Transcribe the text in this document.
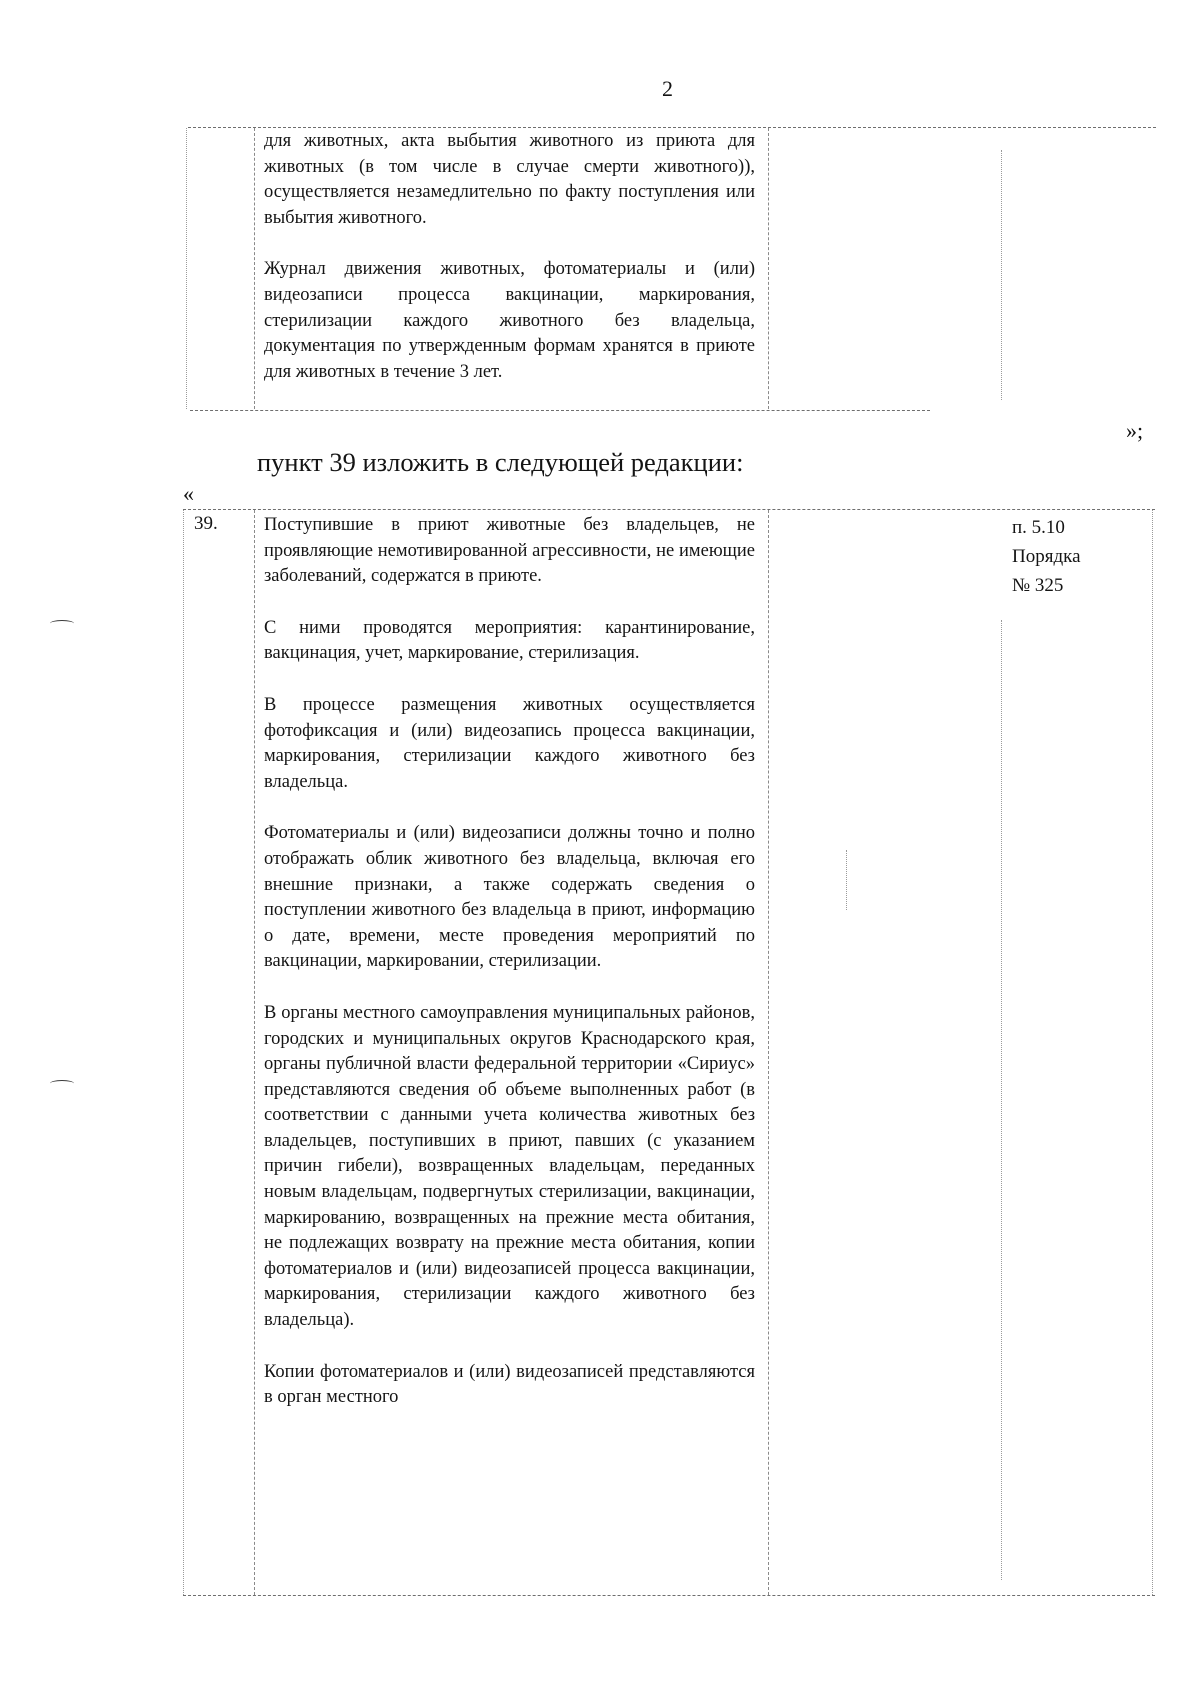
2

для животных, акта выбытия животного из приюта для животных (в том числе в случае смерти животного)), осуществляется незамедлительно по факту поступления или выбытия животного.

Журнал движения животных, фотоматериалы и (или) видеозаписи процесса вакцинации, маркирования, стерилизации каждого животного без владельца, документация по утвержденным формам хранятся в приюте для животных в течение 3 лет.

»;
пункт 39 изложить в следующей редакции:
«
39.	Поступившие в приют животные без владельцев, не проявляющие немотивированной агрессивности, не имеющие заболеваний, содержатся в приюте.

С ними проводятся мероприятия: карантинирование, вакцинация, учет, маркирование, стерилизация.

В процессе размещения животных осуществляется фотофиксация и (или) видеозапись процесса вакцинации, маркирования, стерилизации каждого животного без владельца.

Фотоматериалы и (или) видеозаписи должны точно и полно отображать облик животного без владельца, включая его внешние признаки, а также содержать сведения о поступлении животного без владельца в приют, информацию о дате, времени, месте проведения мероприятий по вакцинации, маркировании, стерилизации.

В органы местного самоуправления муниципальных районов, городских и муниципальных округов Краснодарского края, органы публичной власти федеральной территории «Сириус» представляются сведения об объеме выполненных работ (в соответствии с данными учета количества животных без владельцев, поступивших в приют, павших (с указанием причин гибели), возвращенных владельцам, переданных новым владельцам, подвергнутых стерилизации, вакцинации, маркированию, возвращенных на прежние места обитания, не подлежащих возврату на прежние места обитания, копии фотоматериалов и (или) видеозаписей процесса вакцинации, маркирования, стерилизации каждого животного без владельца).

Копии фотоматериалов и (или) видеозаписей представляются в орган местного

п. 5.10
Порядка
№ 325
